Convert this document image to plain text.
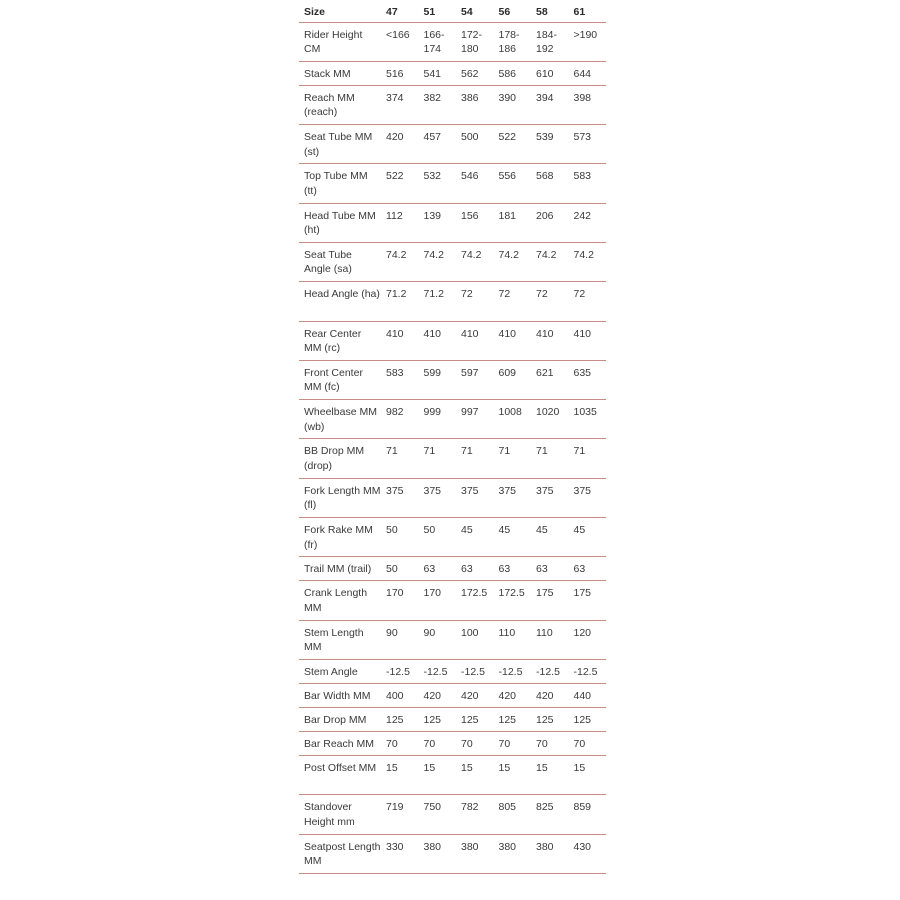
Size	47	51	54	56	58	61
Rider Height CM	<166	166-174	172-180	178-186	184-192	>190
Stack MM	516	541	562	586	610	644
Reach MM (reach)	374	382	386	390	394	398
Seat Tube MM (st)	420	457	500	522	539	573
Top Tube MM (tt)	522	532	546	556	568	583
Head Tube MM (ht)	112	139	156	181	206	242
Seat Tube Angle (sa)	74.2	74.2	74.2	74.2	74.2	74.2
Head Angle (ha)	71.2	71.2	72	72	72	72
Rear Center MM (rc)	410	410	410	410	410	410
Front Center MM (fc)	583	599	597	609	621	635
Wheelbase MM (wb)	982	999	997	1008	1020	1035
BB Drop MM (drop)	71	71	71	71	71	71
Fork Length MM (fl)	375	375	375	375	375	375
Fork Rake MM (fr)	50	50	45	45	45	45
Trail MM (trail)	50	63	63	63	63	63
Crank Length MM	170	170	172.5	172.5	175	175
Stem Length MM	90	90	100	110	110	120
Stem Angle	-12.5	-12.5	-12.5	-12.5	-12.5	-12.5
Bar Width MM	400	420	420	420	420	440
Bar Drop MM	125	125	125	125	125	125
Bar Reach MM	70	70	70	70	70	70
Post Offset MM	15	15	15	15	15	15
Standover Height mm	719	750	782	805	825	859
Seatpost Length MM	330	380	380	380	380	430
